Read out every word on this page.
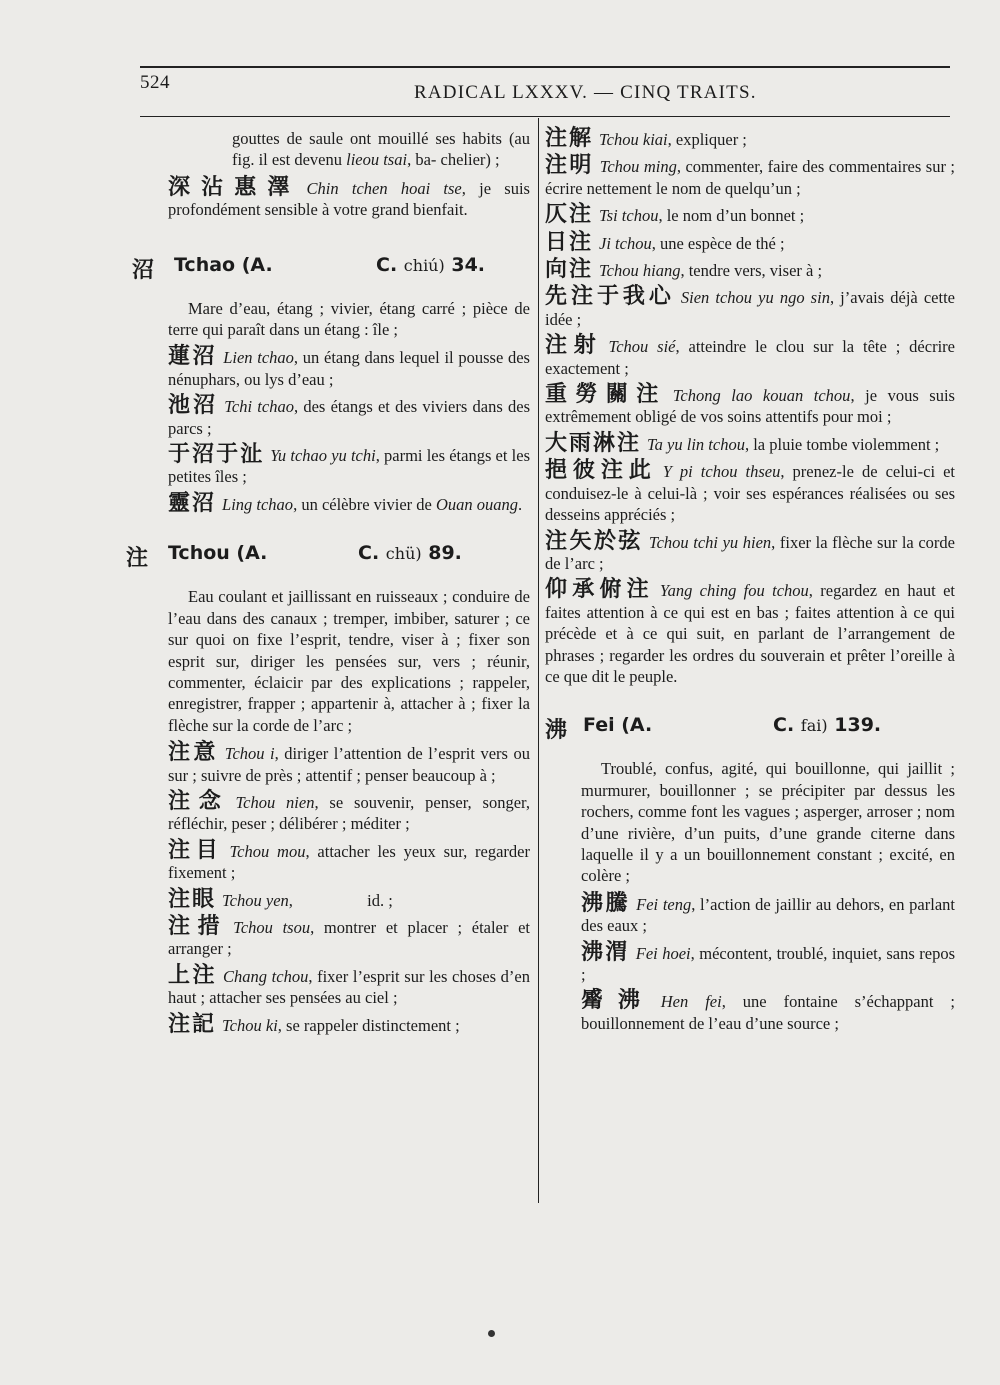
524	RADICAL LXXXV. — CINQ TRAITS.

gouttes de saule ont mouillé ses habits (au fig. il est devenu lieou tsai, ba- chelier) ;

深沾惠澤 Chin tchen hoai tse, je suis profondément sensible à votre grand bienfait.

沼 Tchao (A.	C. chiú) 34.

Mare d’eau, étang ; vivier, étang carré ; pièce de terre qui paraît dans un étang : île ;

蓮沼 Lien tchao, un étang dans lequel il pousse des nénuphars, ou lys d’eau ;

池沼 Tchi tchao, des étangs et des viviers dans des parcs ;

于沼于沚 Yu tchao yu tchi, parmi les étangs et les petites îles ;

靈沼 Ling tchao, un célèbre vivier de Ouan ouang.

注 Tchou (A.	C. chü) 89.

Eau coulant et jaillissant en ruisseaux ; conduire de l’eau dans des canaux ; tremper, imbiber, saturer ; ce sur quoi on fixe l’esprit, tendre, viser à ; fixer son esprit sur, diriger les pensées sur, vers ; réunir, commenter, éclaicir par des explications ; rappeler, enregistrer, frapper ; appartenir à, attacher à ; fixer la flèche sur la corde de l’arc ;

注意 Tchou i, diriger l’attention de l’esprit vers ou sur ; suivre de près ; attentif ; penser beaucoup à ;

注念 Tchou nien, se souvenir, penser, songer, réfléchir, peser ; délibérer ; méditer ;

注目 Tchou mou, attacher les yeux sur, regarder fixement ;

注眼 Tchou yen,                  id. ;

注措 Tchou tsou, montrer et placer ; étaler et arranger ;

上注 Chang tchou, fixer l’esprit sur les choses d’en haut ; attacher ses pensées au ciel ;

注記 Tchou ki, se rappeler distinctement ;

注解 Tchou kiai, expliquer ;

注明 Tchou ming, commenter, faire des commentaires sur ; écrire nettement le nom de quelqu’un ;

仄注 Tsi tchou, le nom d’un bonnet ;

日注 Ji tchou, une espèce de thé ;

向注 Tchou hiang, tendre vers, viser à ;

先注于我心 Sien tchou yu ngo sin, j’avais déjà cette idée ;

注射 Tchou sié, atteindre le clou sur la tête ; décrire exactement ;

重勞關注 Tchong lao kouan tchou, je vous suis extrêmement obligé de vos soins attentifs pour moi ;

大雨淋注 Ta yu lin tchou, la pluie tombe violemment ;

挹彼注此 Y pi tchou thseu, prenez-le de celui-ci et conduisez-le à celui-là ; voir ses espérances réalisées ou ses desseins appréciés ;

注矢於弦 Tchou tchi yu hien, fixer la flèche sur la corde de l’arc ;

仰承俯注 Yang ching fou tchou, regardez en haut et faites attention à ce qui est en bas ; faites attention à ce qui précède et à ce qui suit, en parlant de l’arrangement de phrases ; regarder les ordres du souverain et prêter l’oreille à ce que dit le peuple.

沸 Fei (A.	C. fai) 139.

Troublé, confus, agité, qui bouillonne, qui jaillit ; murmurer, bouillonner ; se précipiter par dessus les rochers, comme font les vagues ; asperger, arroser ; nom d’une rivière, d’un puits, d’une grande citerne dans laquelle il y a un bouillonnement constant ; excité, en colère ;

沸騰 Fei teng, l’action de jaillir au dehors, en parlant des eaux ;

沸渭 Fei hoei, mécontent, troublé, inquiet, sans repos ;

觱沸 Hen fei, une fontaine s’échappant ; bouillonnement de l’eau d’une source ;
